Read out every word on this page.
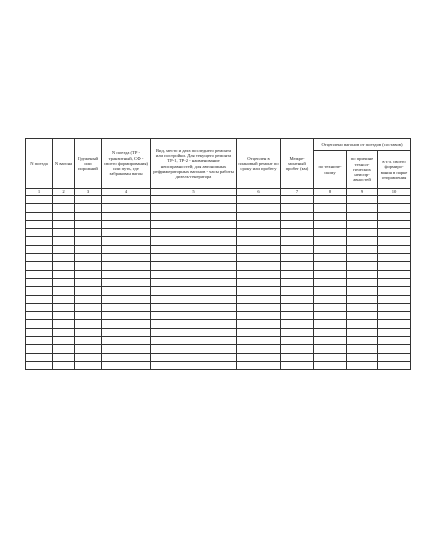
N поезда	N вагона	Груженый или порожний	N поезда (ТР - транзитный, СФ - своего формирования) или путь, где забракован вагон	Вид, место и дата последнего ремонта или постройки. Для текущего ремонта ТР-1, ТР-2 - наименование неисправностей; для автономных рефрижераторных вагонов - часы работы дизель-генератора	Отцеплен в плановый ремонт по сроку или пробегу	Межре-монтный пробег (км)	Отцеплено вагонов от поездов (составов)		

							по техниче-скому	по причине технол-гических неиспр-авностей	в т.ч. своего формиро-вания в парке отправления

1	2	3	4	5	6	7	8	9	10
